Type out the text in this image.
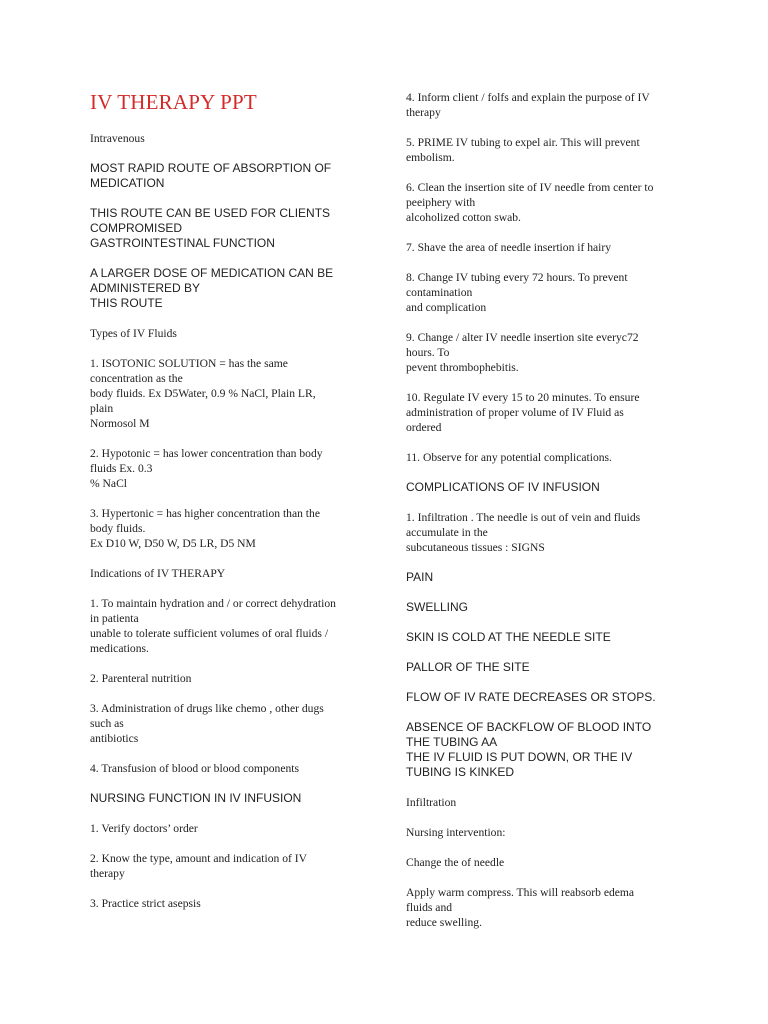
IV THERAPY PPT
Intravenous
MOST RAPID ROUTE OF ABSORPTION OF
MEDICATION
THIS ROUTE CAN BE USED FOR CLIENTS
COMPROMISED
GASTROINTESTINAL FUNCTION
A LARGER DOSE OF MEDICATION CAN BE
ADMINISTERED BY
THIS ROUTE
Types of IV Fluids
1. ISOTONIC SOLUTION = has the same
concentration as the
body fluids. Ex D5Water, 0.9 % NaCl, Plain LR,
plain
Normosol M
2. Hypotonic = has lower concentration than body
fluids Ex. 0.3
% NaCl
3. Hypertonic = has higher concentration than the
body fluids.
Ex D10 W, D50 W, D5 LR, D5 NM
Indications of IV THERAPY
1. To maintain hydration and / or correct dehydration
in patienta
unable to tolerate sufficient volumes of oral fluids /
medications.
2. Parenteral nutrition
3. Administration of drugs like chemo , other dugs
such as
antibiotics
4. Transfusion of blood or blood components
NURSING FUNCTION IN IV INFUSION
1. Verify doctors’ order
2. Know the type, amount and indication of IV
therapy
3. Practice strict asepsis
4. Inform client / folfs and explain the purpose of IV
therapy
5. PRIME IV tubing to expel air. This will prevent
embolism.
6. Clean the insertion site of IV needle from center to
peeiphery with
alcoholized cotton swab.
7. Shave the area of needle insertion if hairy
8. Change IV tubing every 72 hours. To prevent
contamination
and complication
9. Change / alter IV needle insertion site everyc72
hours. To
pevent thrombophebitis.
10. Regulate IV every 15 to 20 minutes. To ensure
administration of proper volume of IV Fluid as
ordered
11. Observe for any potential complications.
COMPLICATIONS OF IV INFUSION
1. Infiltration . The needle is out of vein and fluids
accumulate in the
subcutaneous tissues : SIGNS
PAIN
SWELLING
SKIN IS COLD AT THE NEEDLE SITE
PALLOR OF THE SITE
FLOW OF IV RATE DECREASES OR STOPS.
ABSENCE OF BACKFLOW OF BLOOD INTO
THE TUBING AA
THE IV FLUID IS PUT DOWN, OR THE IV
TUBING IS KINKED
Infiltration
Nursing intervention:
Change the of needle
Apply warm compress. This will reabsorb edema
fluids and
reduce swelling.
